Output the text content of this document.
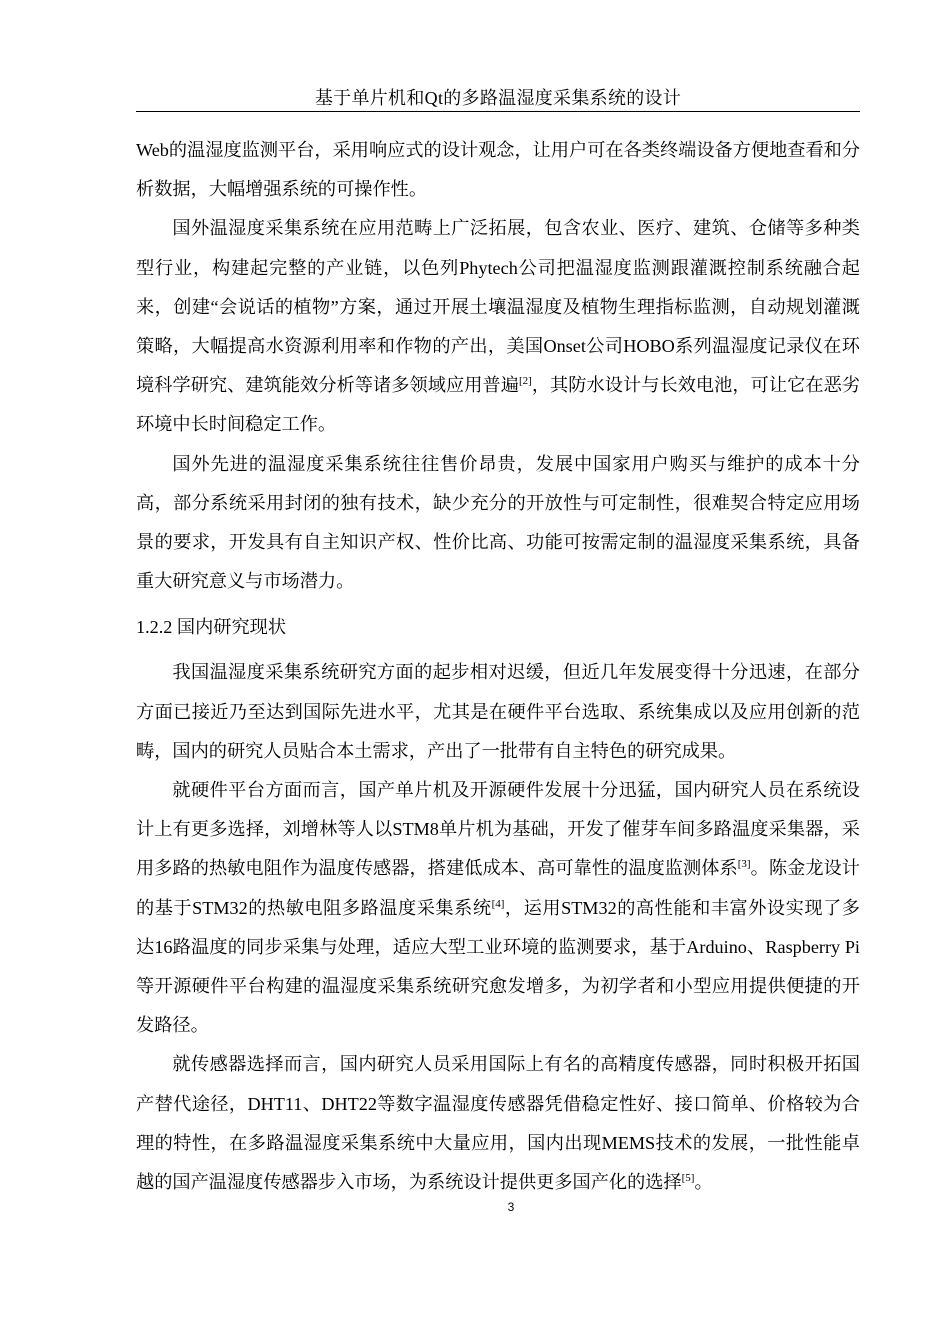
基于单片机和Qt的多路温湿度采集系统的设计

Web的温湿度监测平台，采用响应式的设计观念，让用户可在各类终端设备方便地查看和分析数据，大幅增强系统的可操作性。

国外温湿度采集系统在应用范畴上广泛拓展，包含农业、医疗、建筑、仓储等多种类型行业，构建起完整的产业链，以色列Phytech公司把温湿度监测跟灌溉控制系统融合起来，创建“会说话的植物”方案，通过开展土壤温湿度及植物生理指标监测，自动规划灌溉策略，大幅提高水资源利用率和作物的产出，美国Onset公司HOBO系列温湿度记录仪在环境科学研究、建筑能效分析等诸多领域应用普遍[2]，其防水设计与长效电池，可让它在恶劣环境中长时间稳定工作。

国外先进的温湿度采集系统往往售价昂贵，发展中国家用户购买与维护的成本十分高，部分系统采用封闭的独有技术，缺少充分的开放性与可定制性，很难契合特定应用场景的要求，开发具有自主知识产权、性价比高、功能可按需定制的温湿度采集系统，具备重大研究意义与市场潜力。

1.2.2 国内研究现状

我国温湿度采集系统研究方面的起步相对迟缓，但近几年发展变得十分迅速，在部分方面已接近乃至达到国际先进水平，尤其是在硬件平台选取、系统集成以及应用创新的范畴，国内的研究人员贴合本土需求，产出了一批带有自主特色的研究成果。

就硬件平台方面而言，国产单片机及开源硬件发展十分迅猛，国内研究人员在系统设计上有更多选择，刘增林等人以STM8单片机为基础，开发了催芽车间多路温度采集器，采用多路的热敏电阻作为温度传感器，搭建低成本、高可靠性的温度监测体系[3]。陈金龙设计的基于STM32的热敏电阻多路温度采集系统[4]，运用STM32的高性能和丰富外设实现了多达16路温度的同步采集与处理，适应大型工业环境的监测要求，基于Arduino、Raspberry Pi等开源硬件平台构建的温湿度采集系统研究愈发增多，为初学者和小型应用提供便捷的开发路径。

就传感器选择而言，国内研究人员采用国际上有名的高精度传感器，同时积极开拓国产替代途径，DHT11、DHT22等数字温湿度传感器凭借稳定性好、接口简单、价格较为合理的特性，在多路温湿度采集系统中大量应用，国内出现MEMS技术的发展，一批性能卓越的国产温湿度传感器步入市场，为系统设计提供更多国产化的选择[5]。

3
